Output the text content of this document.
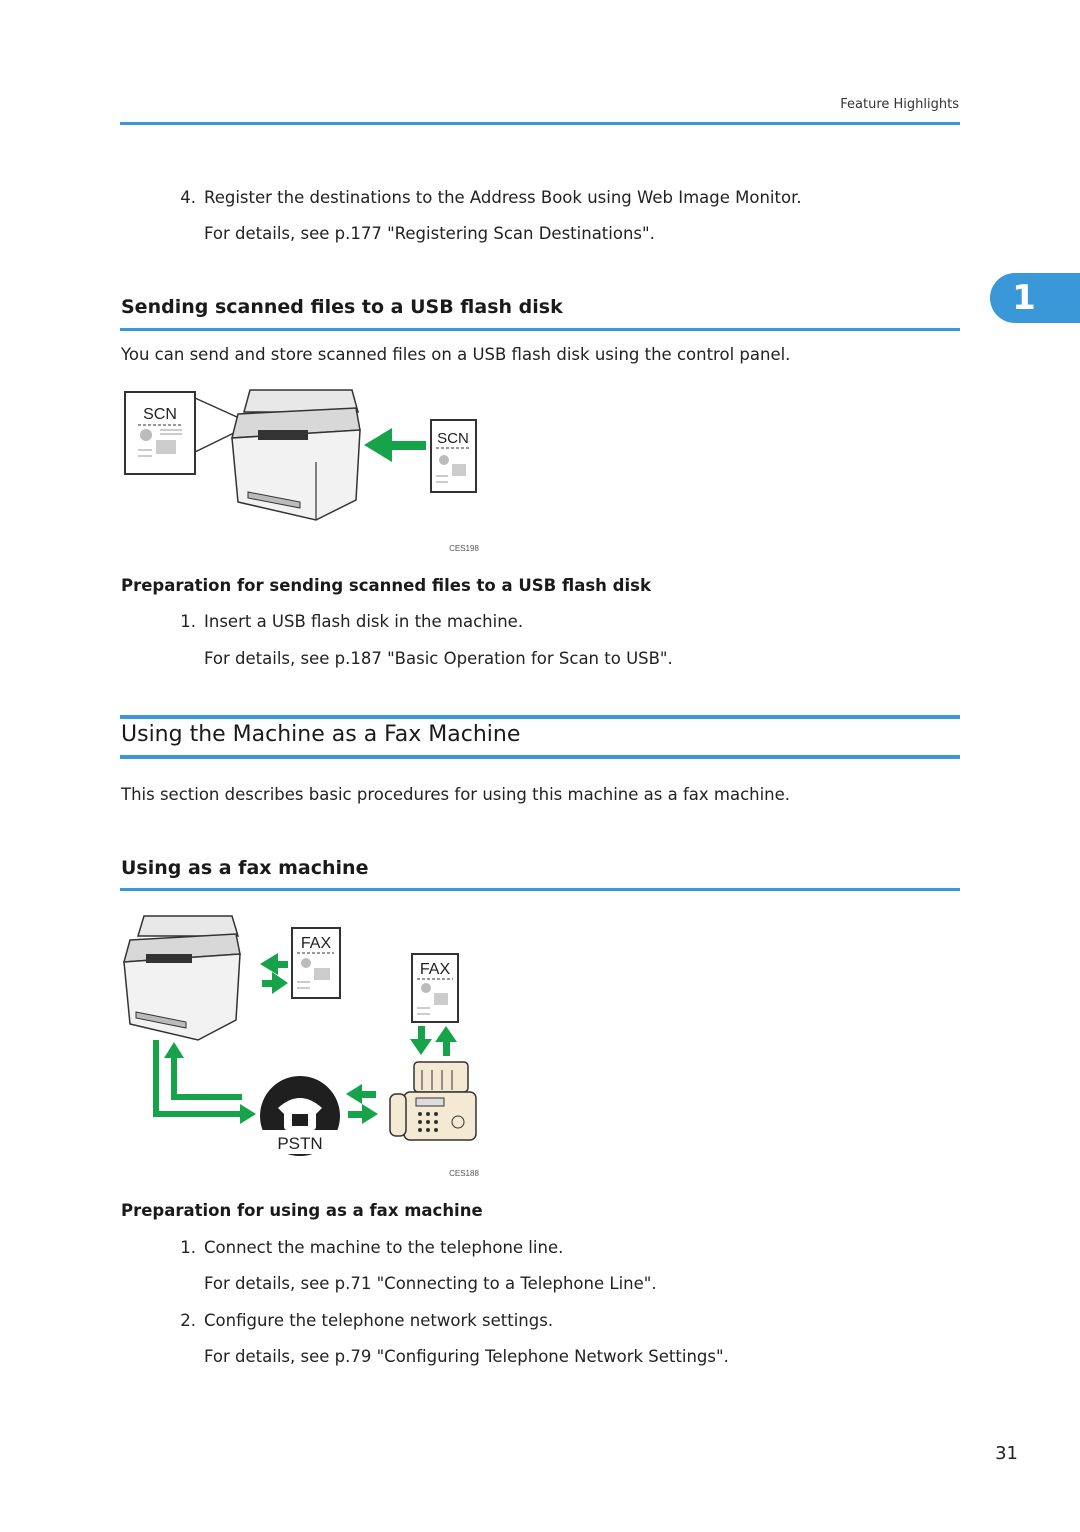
Feature Highlights
1
4. Register the destinations to the Address Book using Web Image Monitor.
For details, see p.177 "Registering Scan Destinations".
Sending scanned files to a USB flash disk
You can send and store scanned files on a USB flash disk using the control panel.
SCN
SCN
CES198
Preparation for sending scanned files to a USB flash disk
1. Insert a USB flash disk in the machine.
For details, see p.187 "Basic Operation for Scan to USB".
Using the Machine as a Fax Machine
This section describes basic procedures for using this machine as a fax machine.
Using as a fax machine
FAX
FAX
PSTN
CES188
Preparation for using as a fax machine
1. Connect the machine to the telephone line.
For details, see p.71 "Connecting to a Telephone Line".
2. Configure the telephone network settings.
For details, see p.79 "Configuring Telephone Network Settings".
31
